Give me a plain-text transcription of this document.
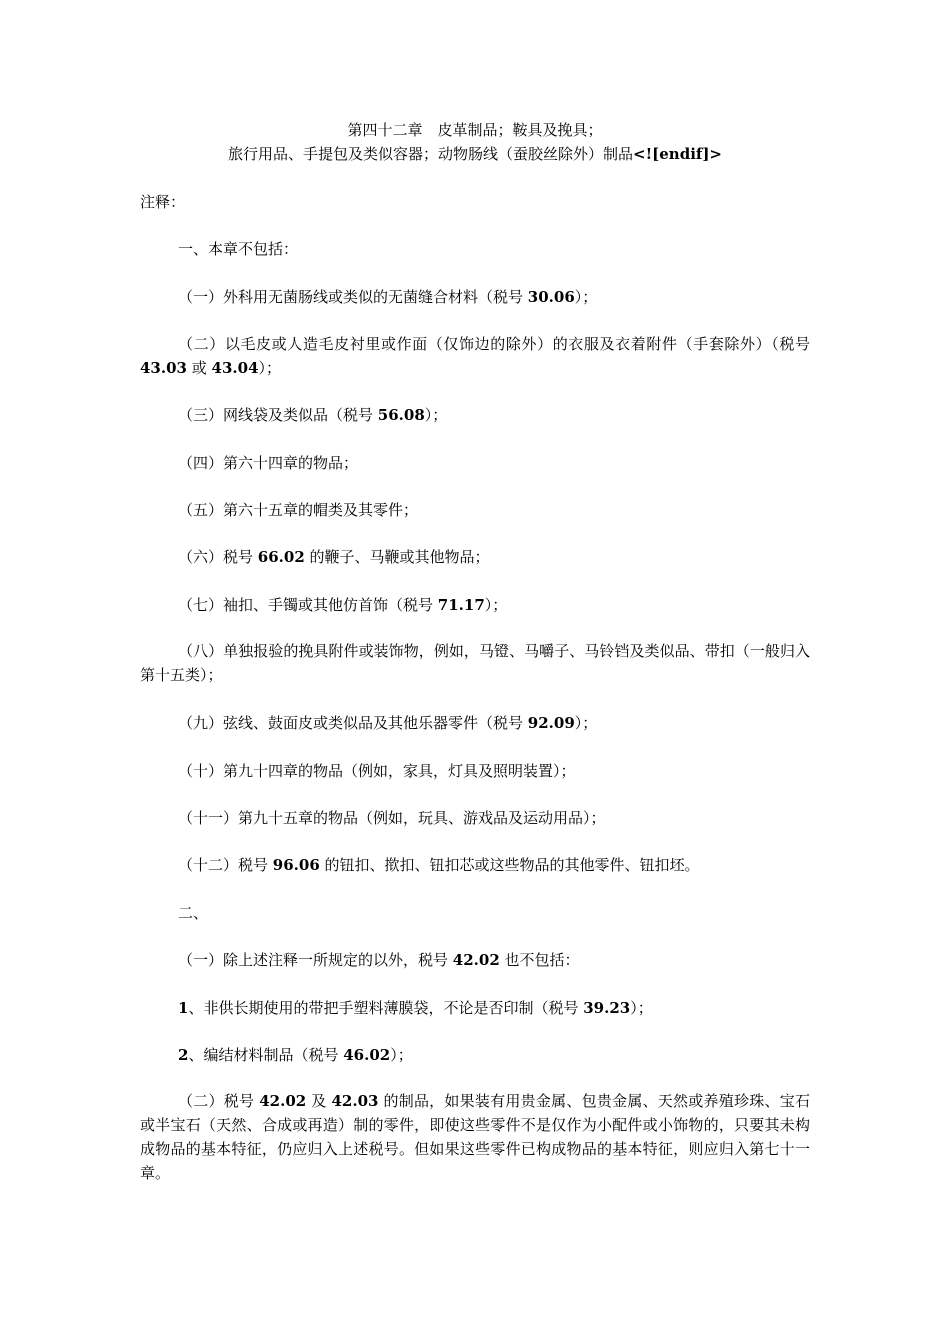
第四十二章　皮革制品；鞍具及挽具；
旅行用品、手提包及类似容器；动物肠线（蚕胶丝除外）制品<![endif]>
注释：
一、本章不包括：
（一）外科用无菌肠线或类似的无菌缝合材料（税号 30.06）；
（二）以毛皮或人造毛皮衬里或作面（仅饰边的除外）的衣服及衣着附件（手套除外）（税号 43.03 或 43.04）；
（三）网线袋及类似品（税号 56.08）；
（四）第六十四章的物品；
（五）第六十五章的帽类及其零件；
（六）税号 66.02 的鞭子、马鞭或其他物品；
（七）袖扣、手镯或其他仿首饰（税号 71.17）；
（八）单独报验的挽具附件或装饰物，例如，马镫、马嚼子、马铃铛及类似品、带扣（一般归入第十五类）；
（九）弦线、鼓面皮或类似品及其他乐器零件（税号 92.09）；
（十）第九十四章的物品（例如，家具，灯具及照明装置）；
（十一）第九十五章的物品（例如，玩具、游戏品及运动用品）；
（十二）税号 96.06 的钮扣、揿扣、钮扣芯或这些物品的其他零件、钮扣坯。
二、
（一）除上述注释一所规定的以外，税号 42.02 也不包括：
1、非供长期使用的带把手塑料薄膜袋，不论是否印制（税号 39.23）；
2、编结材料制品（税号 46.02）；
（二）税号 42.02 及 42.03 的制品，如果装有用贵金属、包贵金属、天然或养殖珍珠、宝石或半宝石（天然、合成或再造）制的零件，即使这些零件不是仅作为小配件或小饰物的，只要其未构成物品的基本特征，仍应归入上述税号。但如果这些零件已构成物品的基本特征，则应归入第七十一章。
